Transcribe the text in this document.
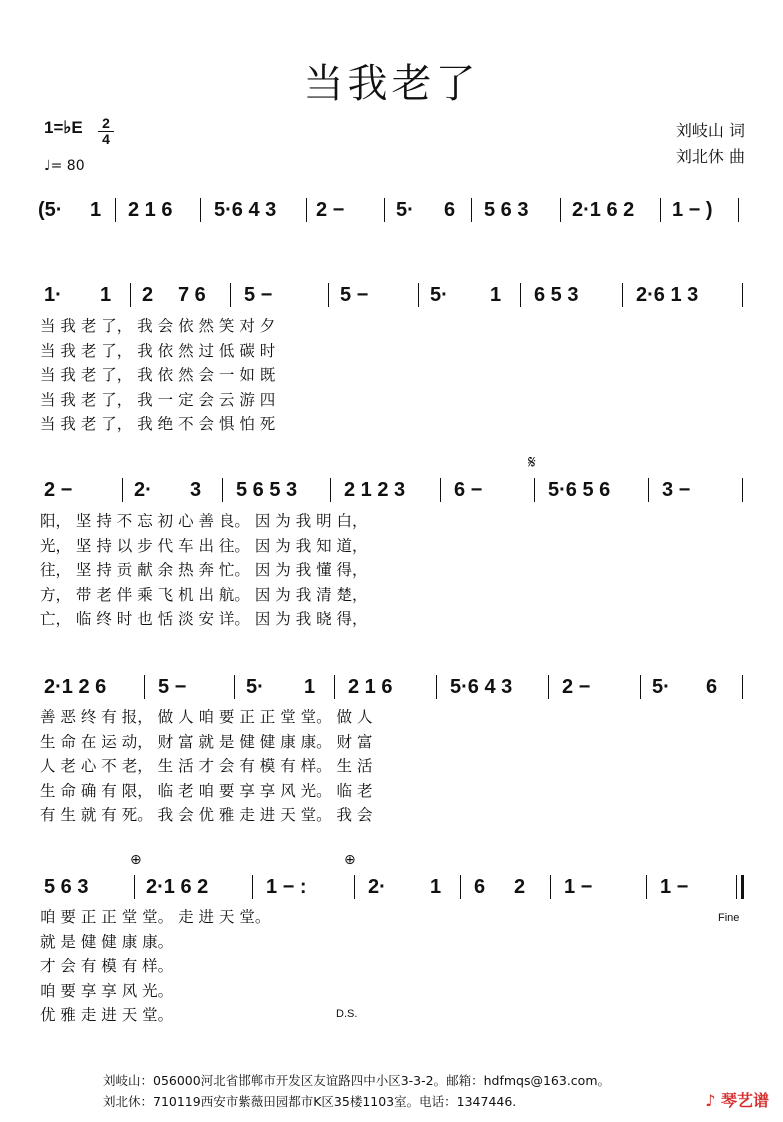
当我老了
1=♭E 2
4
♩= 80
刘岐山 词
刘北休 曲
(5· 1 2 1 6 5·6 4 3 2 −	5· 6 5 6 3 2·1 6 2 1 − )
1· 1 2 7 6 5 −	5 −	5· 1 6 5 3	2·6 1 3
当 我 老 了， 我 会 依 然 笑 对 夕
当 我 老 了， 我 依 然 过 低 碳 时
当 我 老 了， 我 依 然 会 一 如 既
当 我 老 了， 我 一 定 会 云 游 四
当 我 老 了， 我 绝 不 会 惧 怕 死
𝄋
2 −	2· 3 5 6 5 3 2 1 2 3 6 −	5·6 5 6	3 −
阳， 坚 持 不 忘 初 心 善 良。 因 为 我 明 白，
光， 坚 持 以 步 代 车 出 往。 因 为 我 知 道，
往， 坚 持 贡 献 余 热 奔 忙。 因 为 我 懂 得，
方， 带 老 伴 乘 飞 机 出 航。 因 为 我 清 楚，
亡， 临 终 时 也 恬 淡 安 详。 因 为 我 晓 得，
2·1 2 6	5 −	5· 1 2 1 6	5·6 4 3 2 −	5· 6
善 恶 终 有 报， 做 人 咱 要 正 正 堂 堂。 做 人
生 命 在 运 动， 财 富 就 是 健 健 康 康。 财 富
人 老 心 不 老， 生 活 才 会 有 模 有 样。 生 活
生 命 确 有 限， 临 老 咱 要 享 享 风 光。 临 老
有 生 就 有 死。 我 会 优 雅 走 进 天 堂。 我 会
⊕	⊕
5 6 3	2·1 6 2	1 − :	2· 1 6 2 1 −	1 −
咱 要 正 正 堂 堂。 走 进 天 堂。
就 是 健 健 康 康。
才 会 有 模 有 样。
咱 要 享 享 风 光。
优 雅 走 进 天 堂。
Fine
D.S.
刘岐山：056000河北省邯郸市开发区友谊路四中小区3-3-2。邮箱：hdfmqs@163.com。
刘北休：710119西安市紫薇田园都市K区35楼1103室。电话：1347446.	♪ 琴艺谱
